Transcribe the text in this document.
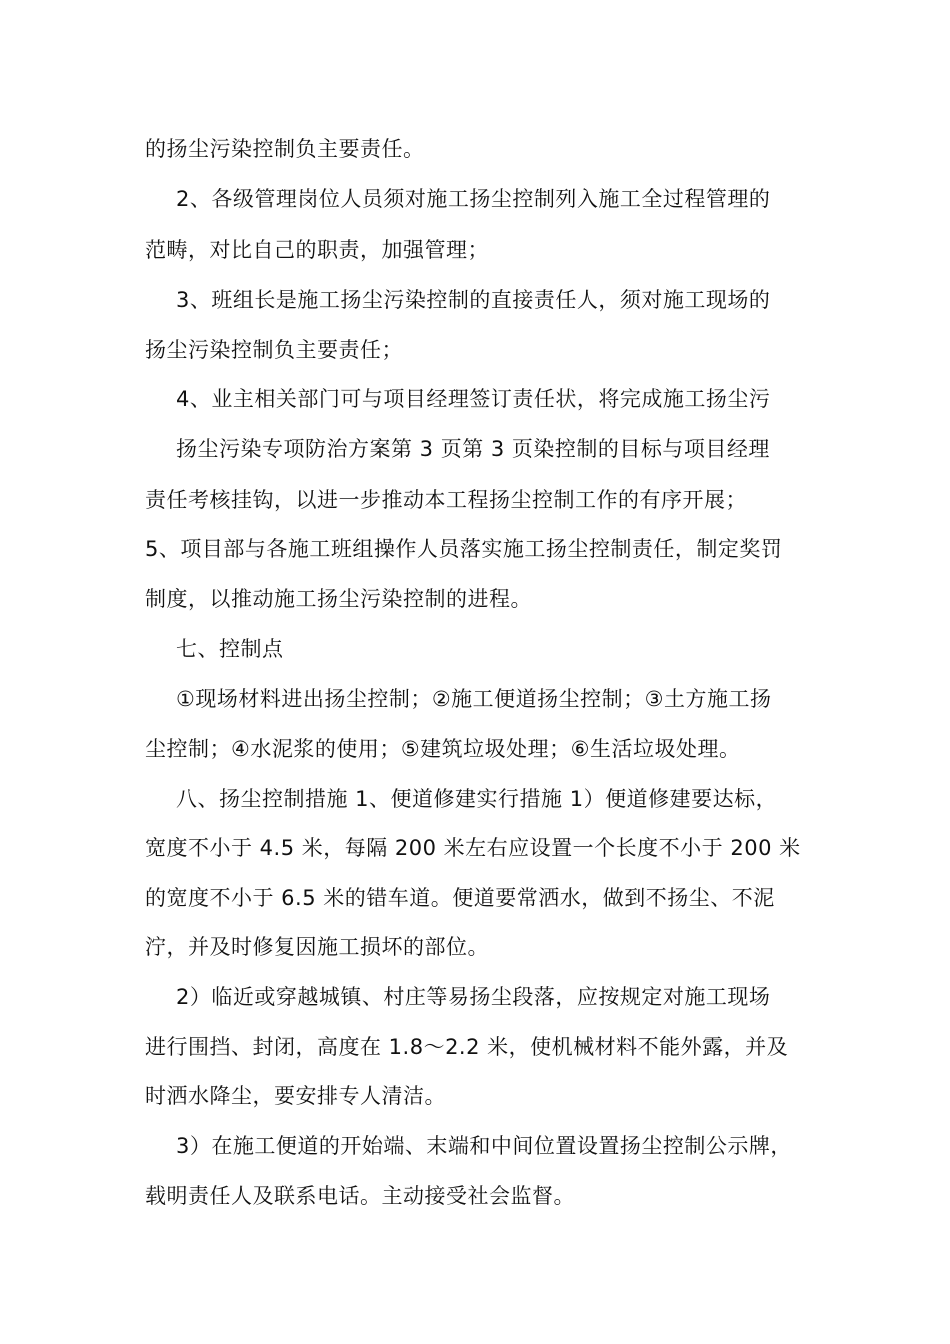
的扬尘污染控制负主要责任。
2、各级管理岗位人员须对施工扬尘控制列入施工全过程管理的
范畴，对比自己的职责，加强管理；
3、班组长是施工扬尘污染控制的直接责任人，须对施工现场的
扬尘污染控制负主要责任；
4、业主相关部门可与项目经理签订责任状，将完成施工扬尘污
扬尘污染专项防治方案第 3 页第 3 页染控制的目标与项目经理
责任考核挂钩，以进一步推动本工程扬尘控制工作的有序开展；
5、项目部与各施工班组操作人员落实施工扬尘控制责任，制定奖罚
制度，以推动施工扬尘污染控制的进程。
七、控制点
①现场材料进出扬尘控制；②施工便道扬尘控制；③土方施工扬
尘控制；④水泥浆的使用；⑤建筑垃圾处理；⑥生活垃圾处理。
八、扬尘控制措施 1、便道修建实行措施 1）便道修建要达标，
宽度不小于 4.5 米，每隔 200 米左右应设置一个长度不小于 200 米
的宽度不小于 6.5 米的错车道。便道要常洒水，做到不扬尘、不泥
泞，并及时修复因施工损坏的部位。
2）临近或穿越城镇、村庄等易扬尘段落，应按规定对施工现场
进行围挡、封闭，高度在 1.8～2.2 米，使机械材料不能外露，并及
时洒水降尘，要安排专人清洁。
3）在施工便道的开始端、末端和中间位置设置扬尘控制公示牌，
载明责任人及联系电话。主动接受社会监督。
